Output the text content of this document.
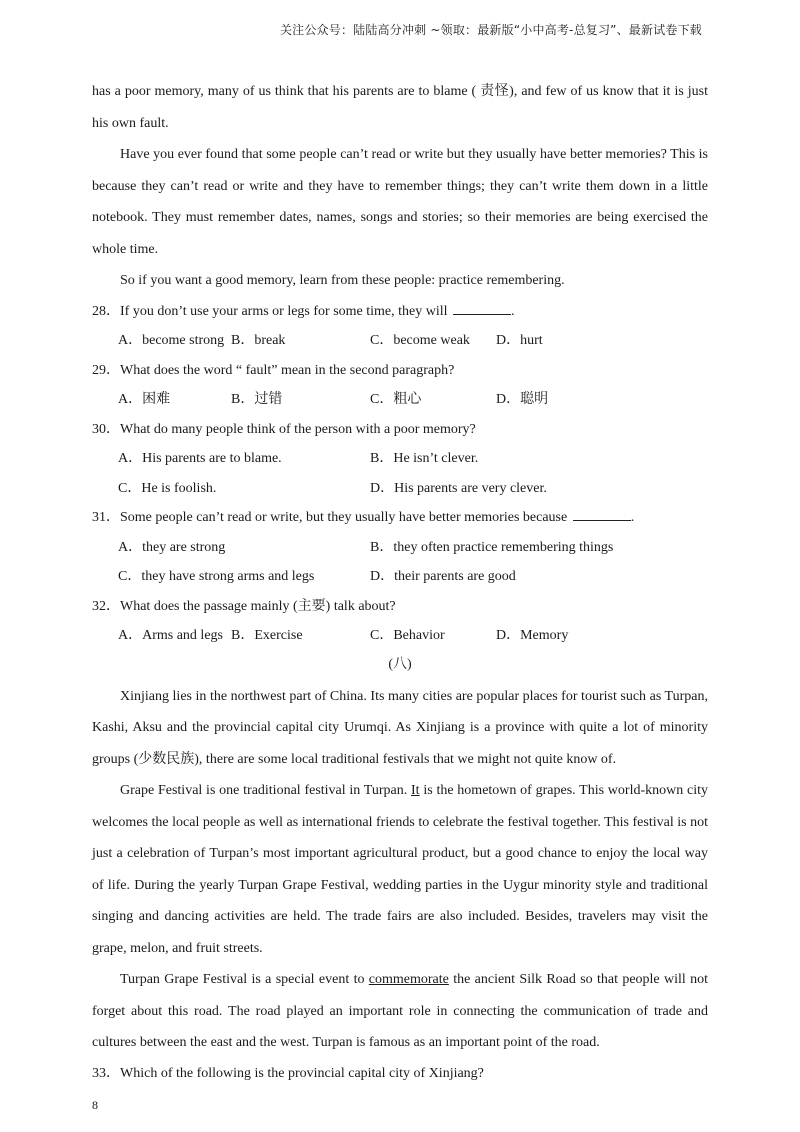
关注公众号：陆陆高分冲刺 ~领取：最新版“小中高考-总复习”、最新试卷下载

has a poor memory, many of us think that his parents are to blame ( 责怪), and few of us know that it is just his own fault.

Have you ever found that some people can’t read or write but they usually have better memories? This is because they can’t read or write and they have to remember things; they can’t write them down in a little notebook. They must remember dates, names, songs and stories; so their memories are being exercised the whole time.

So if you want a good memory, learn from these people: practice remembering.

28．If you don’t use your arms or legs for some time, they will	.

A．become strong B．break	C．become weak	D．hurt

29．What does the word “ fault” mean in the second paragraph?

A．困难	B．过错	C．粗心	D．聪明

30．What do many people think of the person with a poor memory?

A．His parents are to blame.	B．He isn’t clever.
C．He is foolish.	D．His parents are very clever.

31．Some people can’t read or write, but they usually have better memories because	.

A．they are strong	B．they often practice remembering things
C．they have strong arms and legs	D．their parents are good

32．What does the passage mainly (主要) talk about?

A．Arms and legs B．Exercise	C．Behavior	D．Memory
(八)

Xinjiang lies in the northwest part of China. Its many cities are popular places for tourist such as Turpan, Kashi, Aksu and the provincial capital city Urumqi. As Xinjiang is a province with quite a lot of minority groups (少数民族), there are some local traditional festivals that we might not quite know of.

Grape Festival is one traditional festival in Turpan. It is the hometown of grapes. This world-known city welcomes the local people as well as international friends to celebrate the festival together. This festival is not just a celebration of Turpan’s most important agricultural product, but a good chance to enjoy the local way of life. During the yearly Turpan Grape Festival, wedding parties in the Uygur minority style and traditional singing and dancing activities are held. The trade fairs are also included. Besides, travelers may visit the grape, melon, and fruit streets.

Turpan Grape Festival is a special event to commemorate the ancient Silk Road so that people will not forget about this road. The road played an important role in connecting the communication of trade and cultures between the east and the west. Turpan is famous as an important point of the road.

33．Which of the following is the provincial capital city of Xinjiang?

8
